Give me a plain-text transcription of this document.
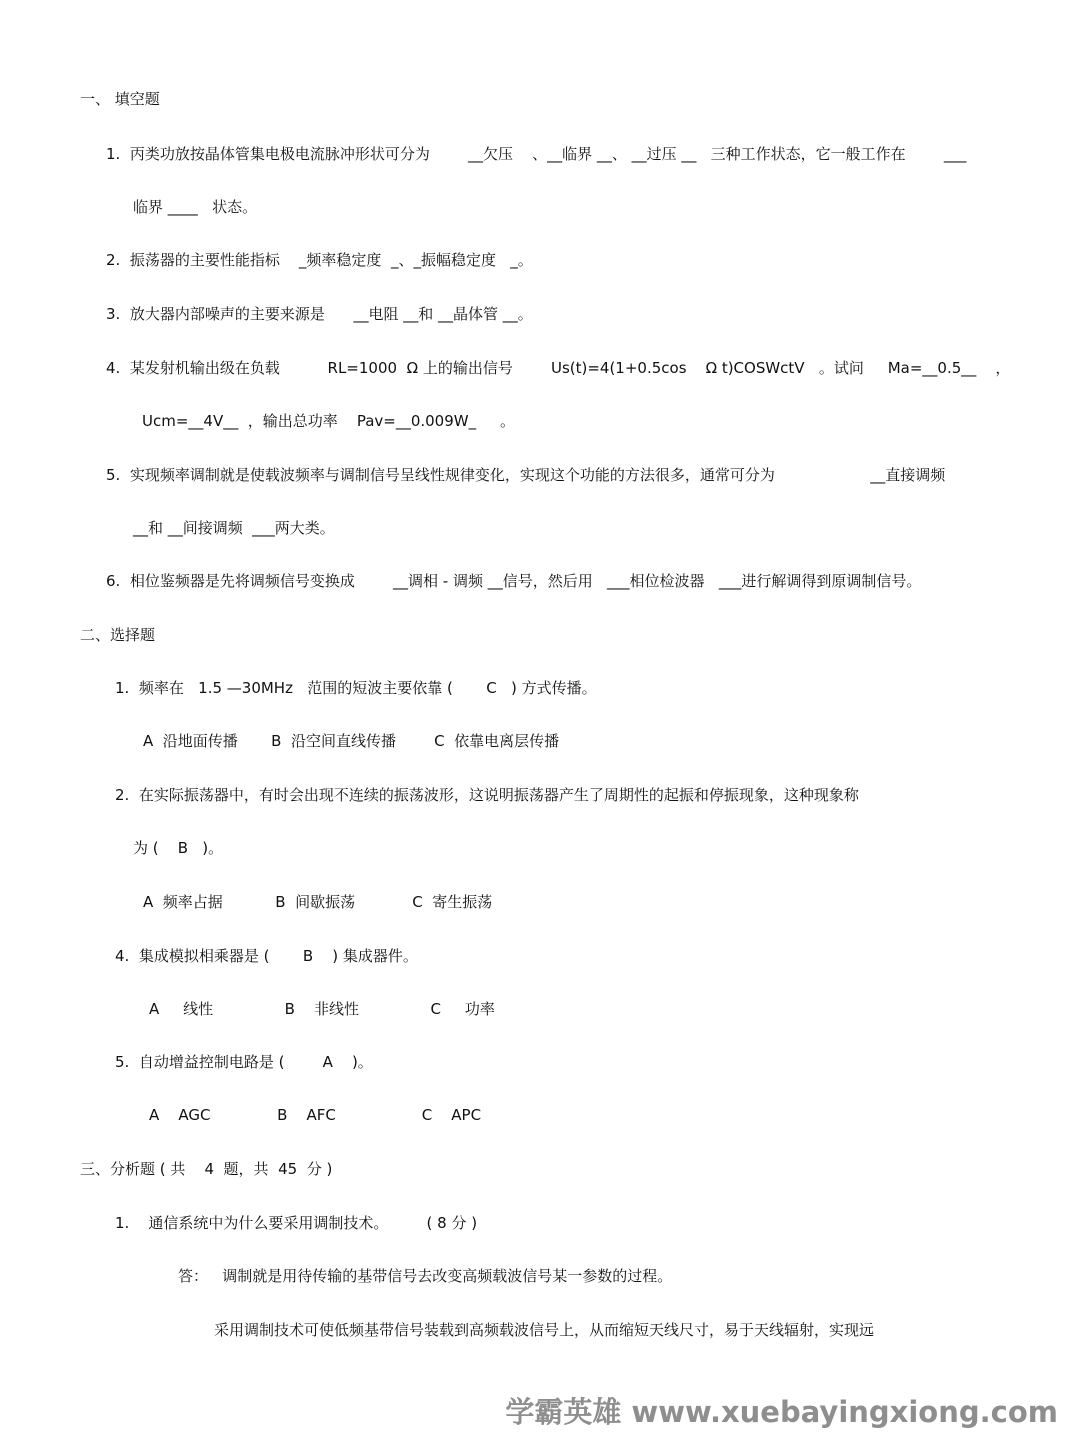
一、 填空题
1.  丙类功放按晶体管集电极电流脉冲形状可分为        __欠压    、__临界 __、 __过压 __   三种工作状态，它一般工作在        ___
临界 ____   状态。
2.  振荡器的主要性能指标    _频率稳定度  _、_振幅稳定度   _。
3.  放大器内部噪声的主要来源是      __电阻 __和 __晶体管 __。
4.  某发射机输出级在负载          RL=1000  Ω 上的输出信号        Us(t)=4(1+0.5cos    Ω t)COSWctV   。试问     Ma=__0.5__    ，
Ucm=__4V__  ，输出总功率    Pav=__0.009W_     。
5.  实现频率调制就是使载波频率与调制信号呈线性规律变化，实现这个功能的方法很多，通常可分为                    __直接调频
__和 __间接调频  ___两大类。
6.  相位鉴频器是先将调频信号变换成        __调相 - 调频 __信号，然后用   ___相位检波器   ___进行解调得到原调制信号。
二、选择题
1.  频率在   1.5 —30MHz   范围的短波主要依靠 (       C   ) 方式传播。
A  沿地面传播       B  沿空间直线传播        C  依靠电离层传播
2.  在实际振荡器中，有时会出现不连续的振荡波形，这说明振荡器产生了周期性的起振和停振现象，这种现象称
为 (    B   )。
A  频率占据           B  间歇振荡            C  寄生振荡
4.  集成模拟相乘器是 (       B    ) 集成器件。
A     线性               B    非线性               C     功率
5.  自动增益控制电路是 (        A    )。
A    AGC              B    AFC                  C    APC
三、分析题 ( 共    4  题，共  45  分 )
1.    通信系统中为什么要采用调制技术。        ( 8 分 )
答：   调制就是用待传输的基带信号去改变高频载波信号某一参数的过程。
采用调制技术可使低频基带信号装载到高频载波信号上，从而缩短天线尺寸，易于天线辐射，实现远
学霸英雄 www.xuebayingxiong.com
